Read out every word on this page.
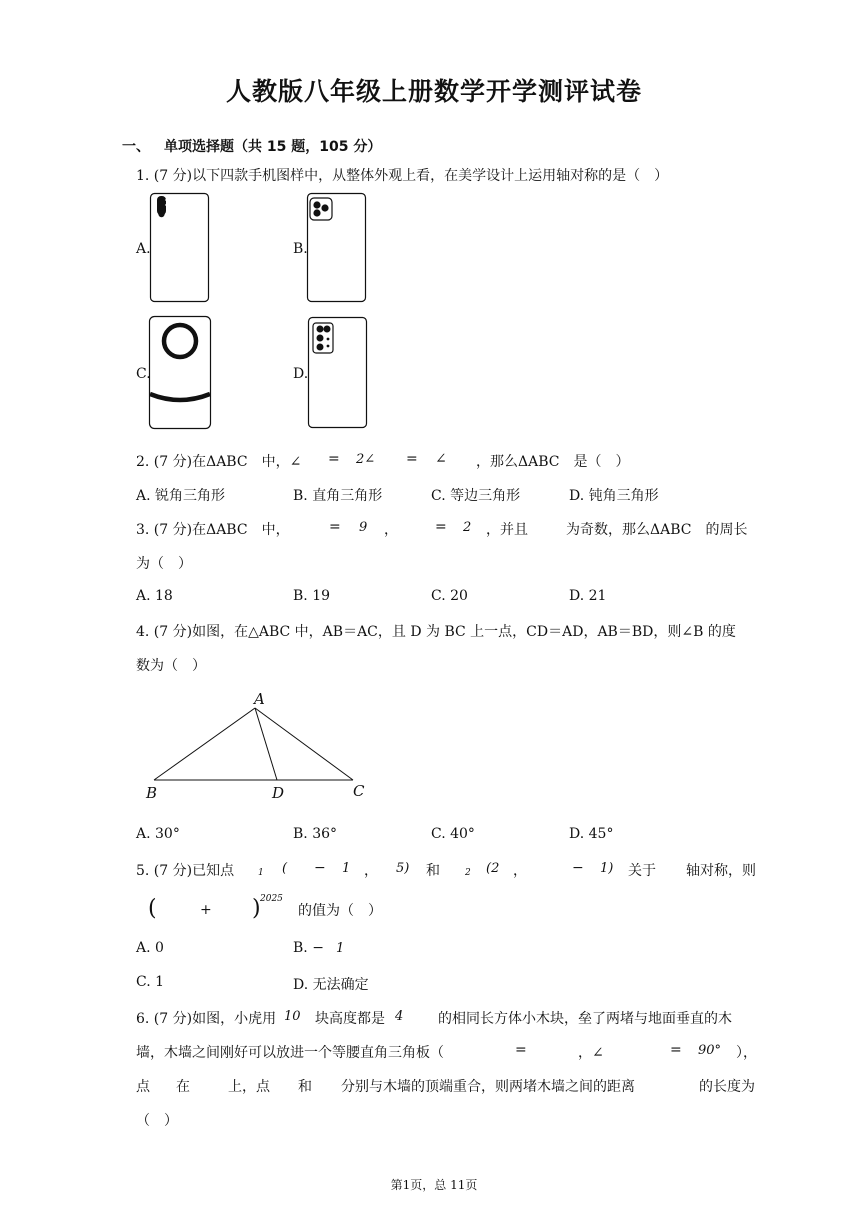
人教版八年级上册数学开学测评试卷
一、 单项选择题（共 15 题，105 分）
1. (7 分)以下四款手机图样中，从整体外观上看，在美学设计上运用轴对称的是（　）
A.	B.
C.	D.
2. (7 分)在ΔABC　中，∠ = 2∠ = ∠ ，那么ΔABC　是（　）
A. 锐角三角形	B. 直角三角形	C. 等边三角形	D. 钝角三角形
3. (7 分)在ΔABC　中，	= 9 ，	= 2 ，并且	为奇数，那么ΔABC　的周长
为（　）
A. 18	B. 19	C. 20	D. 21
4. (7 分)如图，在△ABC 中，AB＝AC，且 D 为 BC 上一点，CD＝AD，AB＝BD，则∠B 的度
数为（　）
A
B	D	C
A. 30°	B. 36°	C. 40°	D. 45°
5. (7 分)已知点	1 ( − 1 ， 5) 和	2 (2 ，	− 1) 关于 轴对称，则
(	+ ) 2025
的值为（　）
A. 0	B. − 1
C. 1	D. 无法确定
6. (7 分)如图，小虎用 10 块高度都是 4 的相同长方体小木块，垒了两堵与地面垂直的木
墙，木墙之间刚好可以放进一个等腰直角三角板（	=	，∠	= 90° ），
点 在	上，点 和 分别与木墙的顶端重合，则两堵木墙之间的距离	的长度为
（　）
第1页，总 11页
